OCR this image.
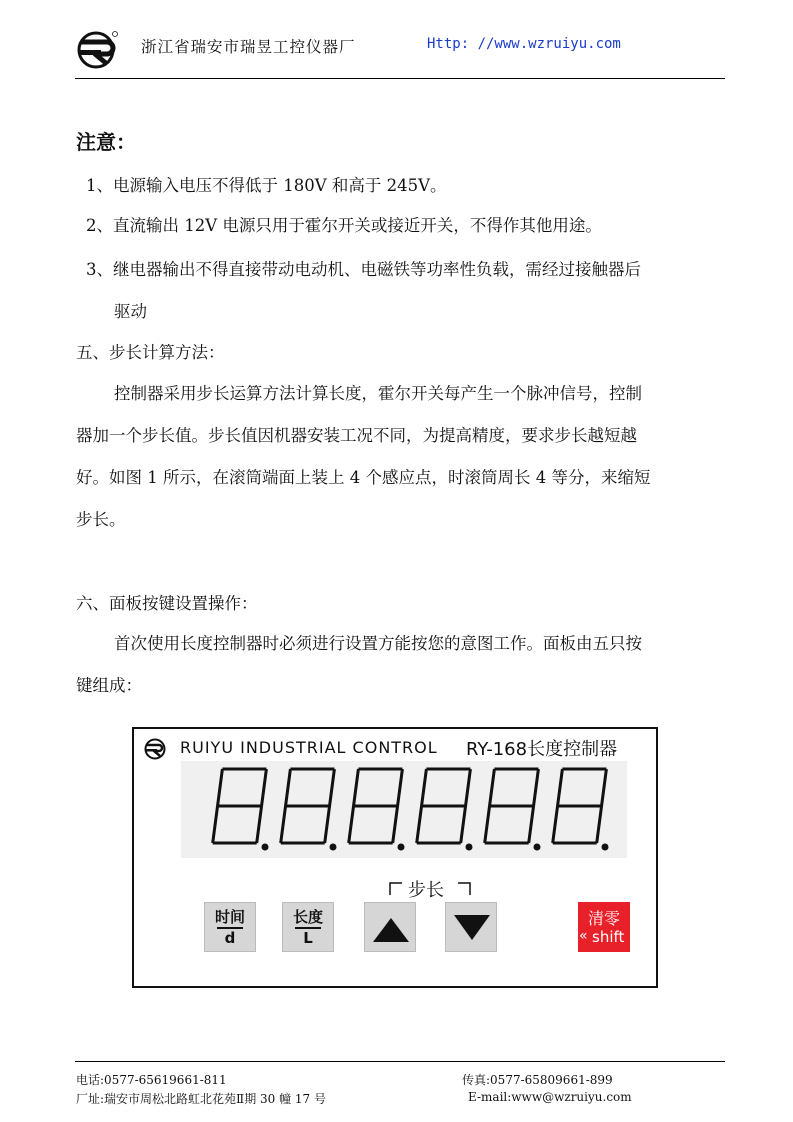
浙江省瑞安市瑞昱工控仪器厂	Http: //www.wzruiyu.com
注意：
1、电源输入电压不得低于 180V 和高于 245V。
2、直流输出 12V 电源只用于霍尔开关或接近开关，不得作其他用途。
3、继电器输出不得直接带动电动机、电磁铁等功率性负载，需经过接触器后
驱动
五、步长计算方法：
控制器采用步长运算方法计算长度，霍尔开关每产生一个脉冲信号，控制
器加一个步长值。步长值因机器安装工况不同，为提高精度，要求步长越短越
好。如图 1 所示，在滚筒端面上装上 4 个感应点，时滚筒周长 4 等分，来缩短
步长。
六、面板按键设置操作：
首次使用长度控制器时必须进行设置方能按您的意图工作。面板由五只按
键组成：
RUIYU INDUSTRIAL CONTROL RY-168长度控制器
步长
时间
d
长度
L
清零
« shift
电话:0577-65619661-811	传真:0577-65809661-899
厂址:瑞安市周松北路虹北花苑Ⅱ期 30 幢 17 号	E-mail:www@wzruiyu.com
